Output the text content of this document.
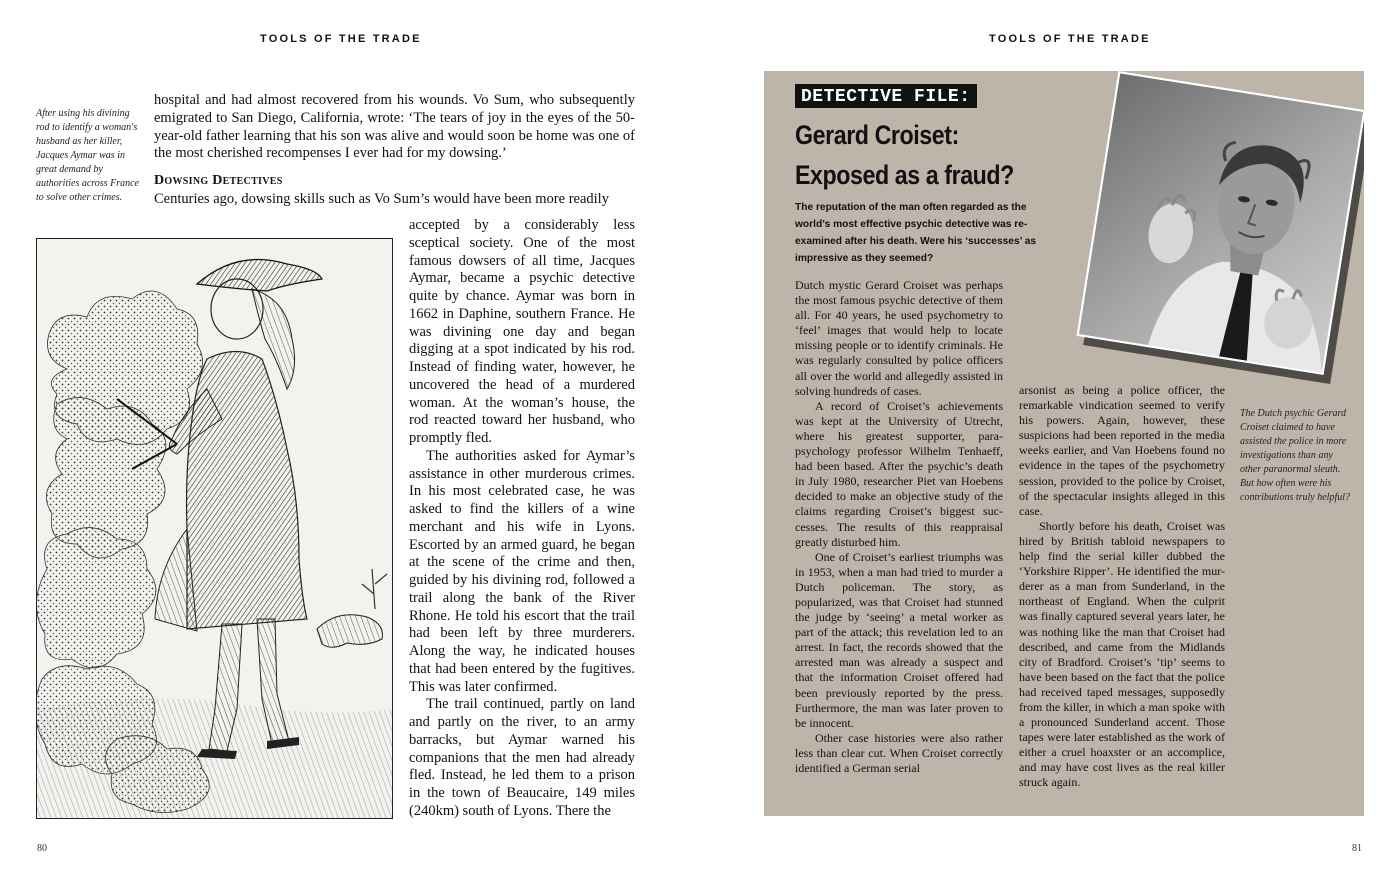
TOOLS OF THE TRADE
After using his divining rod to identify a woman's husband as her killer, Jacques Aymar was in great demand by authorities across France to solve other crimes.

hospital and had almost recovered from his wounds. Vo Sum, who subsequently emigrated to San Diego, California, wrote: ‘The tears of joy in the eyes of the 50-year-old father learning that his son was alive and would soon be home was one of the most cherished recompenses I ever had for my dowsing.’

Dowsing Detectives

Centuries ago, dowsing skills such as Vo Sum’s would have been more readily

accepted by a considerably less sceptical society. One of the most famous dowsers of all time, Jacques Aymar, became a psychic detective quite by chance. Aymar was born in 1662 in Daphine, southern France. He was divining one day and began digging at a spot indicated by his rod. Instead of finding water, however, he uncovered the head of a murdered woman. At the woman’s house, the rod reacted toward her husband, who promptly fled.

The authorities asked for Aymar’s assistance in other murderous crimes. In his most celebrated case, he was asked to find the killers of a wine merchant and his wife in Lyons. Escorted by an armed guard, he began at the scene of the crime and then, guided by his divining rod, followed a trail along the bank of the River Rhone. He told his escort that the trail had been left by three murderers. Along the way, he indicated houses that had been entered by the fugitives. This was later confirmed.

The trail continued, partly on land and partly on the river, to an army barracks, but Aymar warned his companions that the men had already fled. Instead, he led them to a prison in the town of Beaucaire, 149 miles (240km) south of Lyons. There the

80
TOOLS OF THE TRADE
DETECTIVE FILE:
Gerard Croiset:
Exposed as a fraud?
The reputation of the man often regarded as the world’s most effective psychic detective was re-examined after his death. Were his ‘successes’ as impressive as they seemed?

Dutch mystic Gerard Croiset was perhaps the most famous psychic detective of them all. For 40 years, he used psychometry to ‘feel’ images that would help to locate missing people or to identify criminals. He was regularly consulted by police officers all over the world and allegedly assisted in solving hundreds of cases.

A record of Croiset’s achievements was kept at the University of Utrecht, where his greatest supporter, para-psychology professor Wilhelm Tenhaeff, had been based. After the psychic’s death in July 1980, researcher Piet van Hoebens decided to make an objective study of the claims regarding Croiset’s biggest suc-cesses. The results of this reappraisal greatly disturbed him.

One of Croiset’s earliest triumphs was in 1953, when a man had tried to murder a Dutch policeman. The story, as popularized, was that Croiset had stunned the judge by ‘seeing’ a metal worker as part of the attack; this revelation led to an arrest. In fact, the records showed that the arrested man was already a suspect and that the information Croiset offered had been previously reported by the press. Furthermore, the man was later proven to be innocent.

Other case histories were also rather less than clear cut. When Croiset correctly identified a German serial

arsonist as being a police officer, the remarkable vindication seemed to verify his powers. Again, however, these suspicions had been reported in the media weeks earlier, and Van Hoebens found no evidence in the tapes of the psychometry session, provided to the police by Croiset, of the spectacular insights alleged in this case.

Shortly before his death, Croiset was hired by British tabloid newspapers to help find the serial killer dubbed the ‘Yorkshire Ripper’. He identified the mur-derer as a man from Sunderland, in the northeast of England. When the culprit was finally captured several years later, he was nothing like the man that Croiset had described, and came from the Midlands city of Bradford. Croiset’s ‘tip’ seems to have been based on the fact that the police had received taped messages, supposedly from the killer, in which a man spoke with a pronounced Sunderland accent. Those tapes were later established as the work of either a cruel hoaxster or an accomplice, and may have cost lives as the real killer struck again.

The Dutch psychic Gerard Croiset claimed to have assisted the police in more investigations than any other paranormal sleuth. But how often were his contributions truly helpful?
81
